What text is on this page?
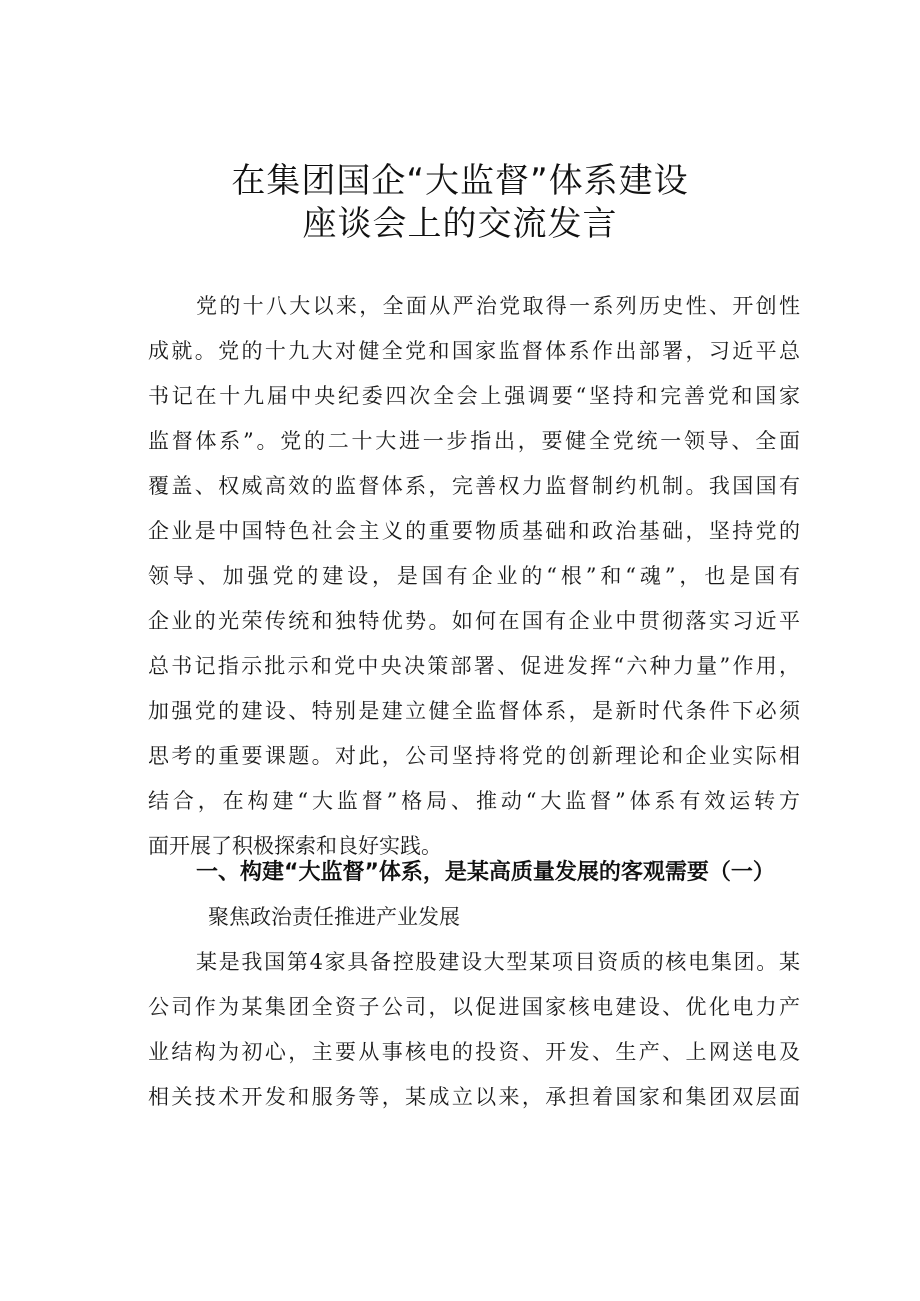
在集团国企“大监督”体系建设
座谈会上的交流发言

党的十八大以来，全面从严治党取得一系列历史性、开创性

成就。党的十九大对健全党和国家监督体系作出部署，习近平总

书记在十九届中央纪委四次全会上强调要“坚持和完善党和国家

监督体系”。党的二十大进一步指出，要健全党统一领导、全面

覆盖、权威高效的监督体系，完善权力监督制约机制。我国国有

企业是中国特色社会主义的重要物质基础和政治基础，坚持党的

领导、加强党的建设，是国有企业的“根”和“魂”，也是国有

企业的光荣传统和独特优势。如何在国有企业中贯彻落实习近平

总书记指示批示和党中央决策部署、促进发挥“六种力量”作用，

加强党的建设、特别是建立健全监督体系，是新时代条件下必须

思考的重要课题。对此，公司坚持将党的创新理论和企业实际相

结合，在构建“大监督”格局、推动“大监督”体系有效运转方

面开展了积极探索和良好实践。

一、构建“大监督”体系，是某高质量发展的客观需要（一）

聚焦政治责任推进产业发展

某是我国第4家具备控股建设大型某项目资质的核电集团。某

公司作为某集团全资子公司，以促进国家核电建设、优化电力产

业结构为初心，主要从事核电的投资、开发、生产、上网送电及

相关技术开发和服务等，某成立以来，承担着国家和集团双层面
